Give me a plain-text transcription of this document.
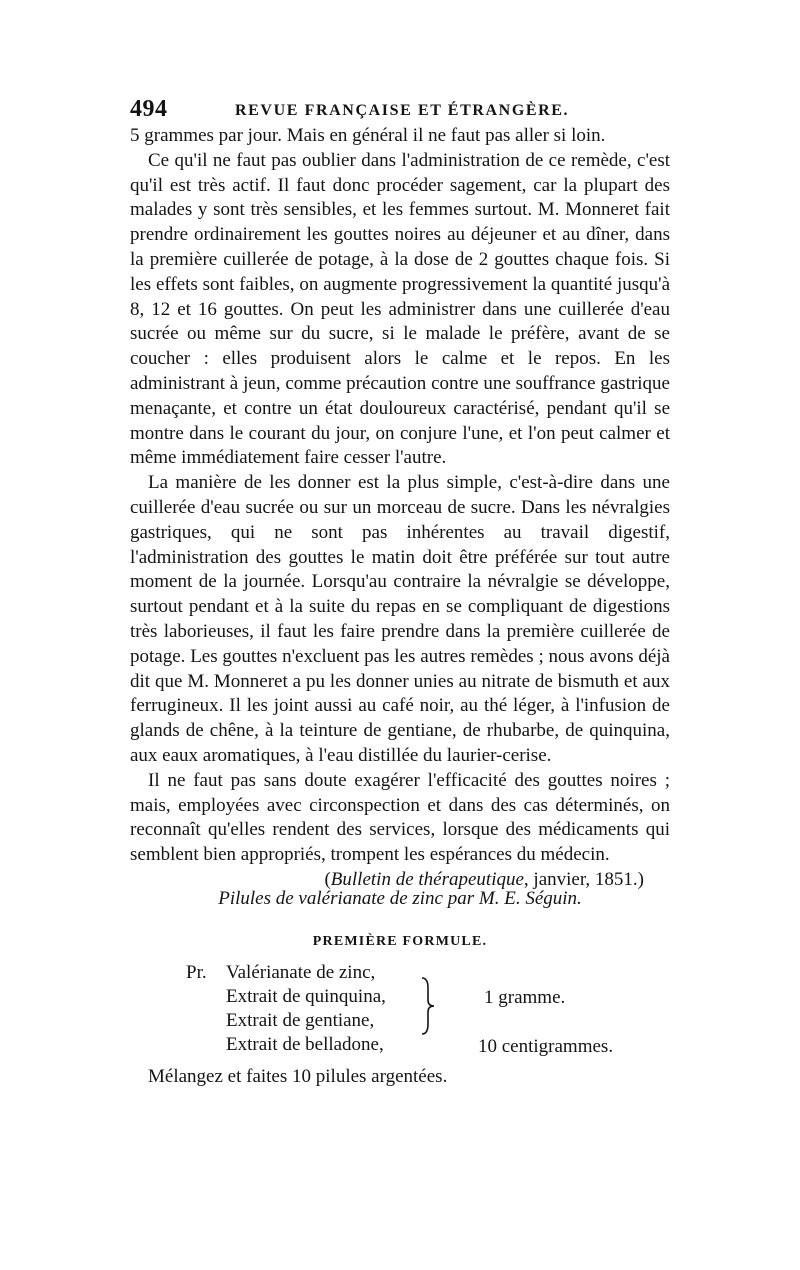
494	REVUE FRANÇAISE ET ÉTRANGÈRE.

5 grammes par jour. Mais en général il ne faut pas aller si loin.

Ce qu'il ne faut pas oublier dans l'administration de ce remède, c'est qu'il est très actif. Il faut donc procéder sagement, car la plupart des malades y sont très sensibles, et les femmes surtout. M. Monneret fait prendre ordinairement les gouttes noires au déjeuner et au dîner, dans la première cuillerée de potage, à la dose de 2 gouttes chaque fois. Si les effets sont faibles, on augmente progressivement la quantité jusqu'à 8, 12 et 16 gouttes. On peut les administrer dans une cuillerée d'eau sucrée ou même sur du sucre, si le malade le préfère, avant de se coucher : elles produisent alors le calme et le repos. En les administrant à jeun, comme précaution contre une souffrance gastrique menaçante, et contre un état douloureux caractérisé, pendant qu'il se montre dans le courant du jour, on conjure l'une, et l'on peut calmer et même immédiatement faire cesser l'autre.

La manière de les donner est la plus simple, c'est-à-dire dans une cuillerée d'eau sucrée ou sur un morceau de sucre. Dans les névralgies gastriques, qui ne sont pas inhérentes au travail digestif, l'administration des gouttes le matin doit être préférée sur tout autre moment de la journée. Lorsqu'au contraire la névralgie se développe, surtout pendant et à la suite du repas en se compliquant de digestions très laborieuses, il faut les faire prendre dans la première cuillerée de potage. Les gouttes n'excluent pas les autres remèdes ; nous avons déjà dit que M. Monneret a pu les donner unies au nitrate de bismuth et aux ferrugineux. Il les joint aussi au café noir, au thé léger, à l'infusion de glands de chêne, à la teinture de gentiane, de rhubarbe, de quinquina, aux eaux aromatiques, à l'eau distillée du laurier-cerise.

Il ne faut pas sans doute exagérer l'efficacité des gouttes noires ; mais, employées avec circonspection et dans des cas déterminés, on reconnaît qu'elles rendent des services, lorsque des médicaments qui semblent bien appropriés, trompent les espérances du médecin.

(Bulletin de thérapeutique, janvier, 1851.)

Pilules de valérianate de zinc par M. E. Séguin.
PREMIÈRE FORMULE.
Pr. Valérianate de zinc,
Extrait de quinquina,
Extrait de gentiane,
Extrait de belladone,
1 gramme.
10 centigrammes.
Mélangez et faites 10 pilules argentées.
